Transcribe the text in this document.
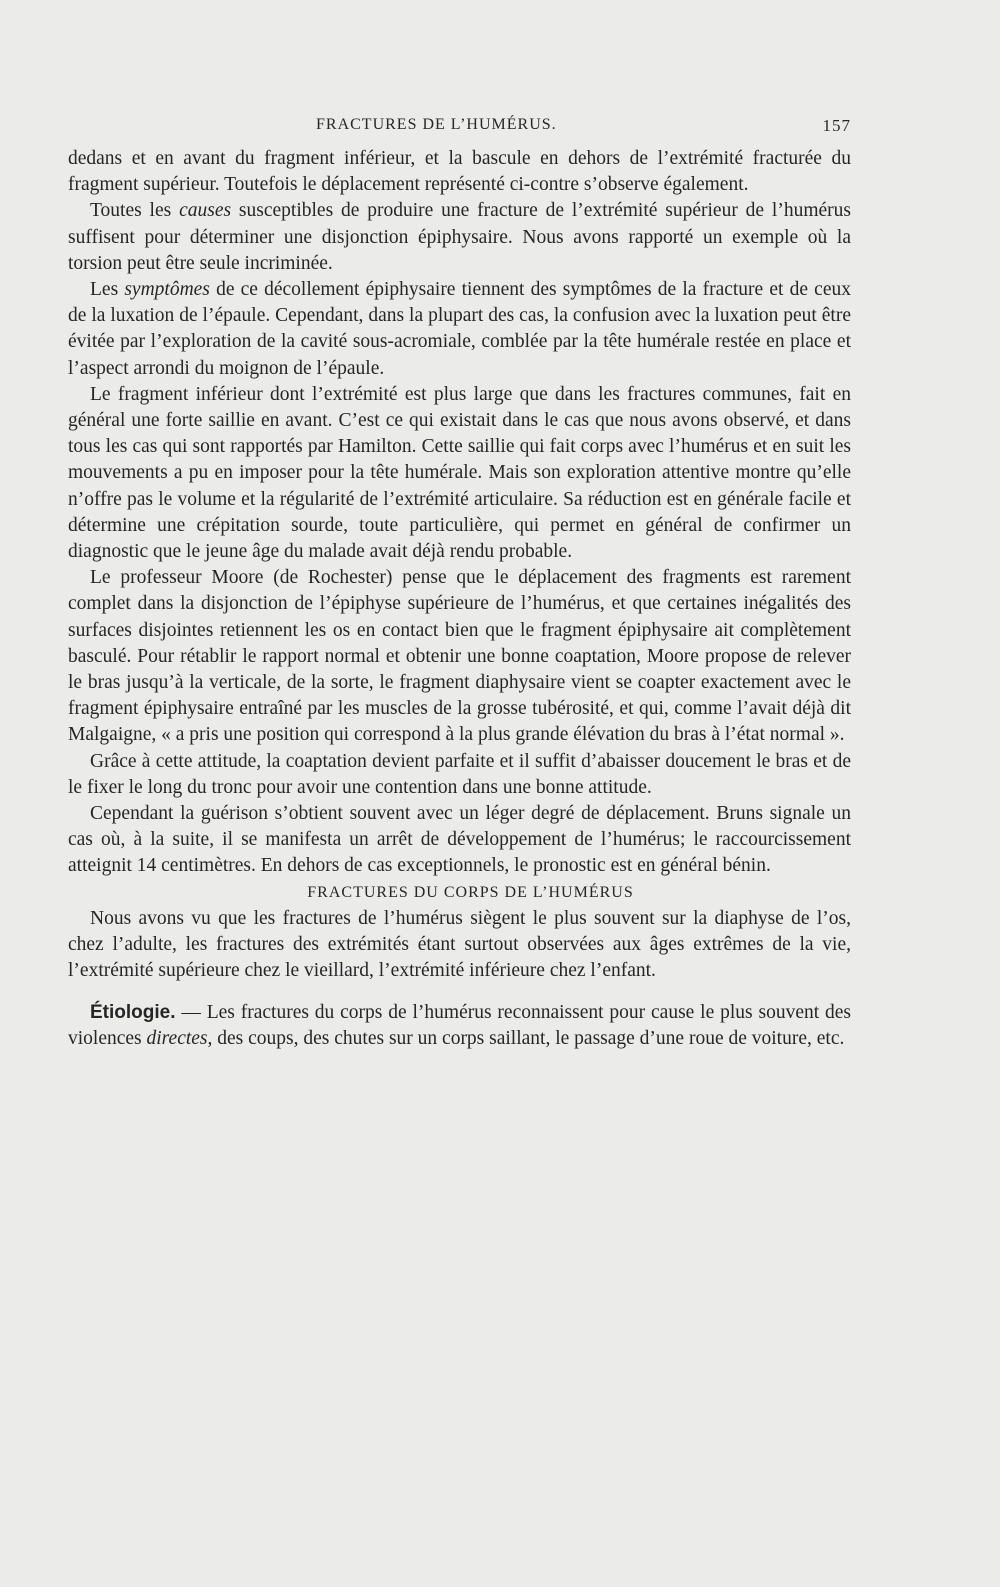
FRACTURES DE L’HUMÉRUS.	157

dedans et en avant du fragment inférieur, et la bascule en dehors de l’extrémité fracturée du fragment supérieur. Toutefois le déplacement représenté ci-contre s’observe également.

Toutes les causes susceptibles de produire une fracture de l’extrémité supérieur de l’humérus suffisent pour déterminer une disjonction épiphysaire. Nous avons rapporté un exemple où la torsion peut être seule incriminée.

Les symptômes de ce décollement épiphysaire tiennent des symptômes de la fracture et de ceux de la luxation de l’épaule. Cependant, dans la plupart des cas, la confusion avec la luxation peut être évitée par l’exploration de la cavité sous-acromiale, comblée par la tête humérale restée en place et l’aspect arrondi du moignon de l’épaule.

Le fragment inférieur dont l’extrémité est plus large que dans les fractures communes, fait en général une forte saillie en avant. C’est ce qui existait dans le cas que nous avons observé, et dans tous les cas qui sont rapportés par Hamilton. Cette saillie qui fait corps avec l’humérus et en suit les mouvements a pu en imposer pour la tête humérale. Mais son exploration attentive montre qu’elle n’offre pas le volume et la régularité de l’extrémité articulaire. Sa réduction est en générale facile et détermine une crépitation sourde, toute particulière, qui permet en général de confirmer un diagnostic que le jeune âge du malade avait déjà rendu probable.

Le professeur Moore (de Rochester) pense que le déplacement des fragments est rarement complet dans la disjonction de l’épiphyse supérieure de l’humérus, et que certaines inégalités des surfaces disjointes retiennent les os en contact bien que le fragment épiphysaire ait complètement basculé. Pour rétablir le rapport normal et obtenir une bonne coaptation, Moore propose de relever le bras jusqu’à la verticale, de la sorte, le fragment diaphysaire vient se coapter exactement avec le fragment épiphysaire entraîné par les muscles de la grosse tubérosité, et qui, comme l’avait déjà dit Malgaigne, « a pris une position qui correspond à la plus grande élévation du bras à l’état normal ».

Grâce à cette attitude, la coaptation devient parfaite et il suffit d’abaisser doucement le bras et de le fixer le long du tronc pour avoir une contention dans une bonne attitude.

Cependant la guérison s’obtient souvent avec un léger degré de déplacement. Bruns signale un cas où, à la suite, il se manifesta un arrêt de développement de l’humérus; le raccourcissement atteignit 14 centimètres. En dehors de cas exceptionnels, le pronostic est en général bénin.

FRACTURES DU CORPS DE L’HUMÉRUS

Nous avons vu que les fractures de l’humérus siègent le plus souvent sur la diaphyse de l’os, chez l’adulte, les fractures des extrémités étant surtout observées aux âges extrêmes de la vie, l’extrémité supérieure chez le vieillard, l’extrémité inférieure chez l’enfant.

Étiologie. — Les fractures du corps de l’humérus reconnaissent pour cause le plus souvent des violences directes, des coups, des chutes sur un corps saillant, le passage d’une roue de voiture, etc.
